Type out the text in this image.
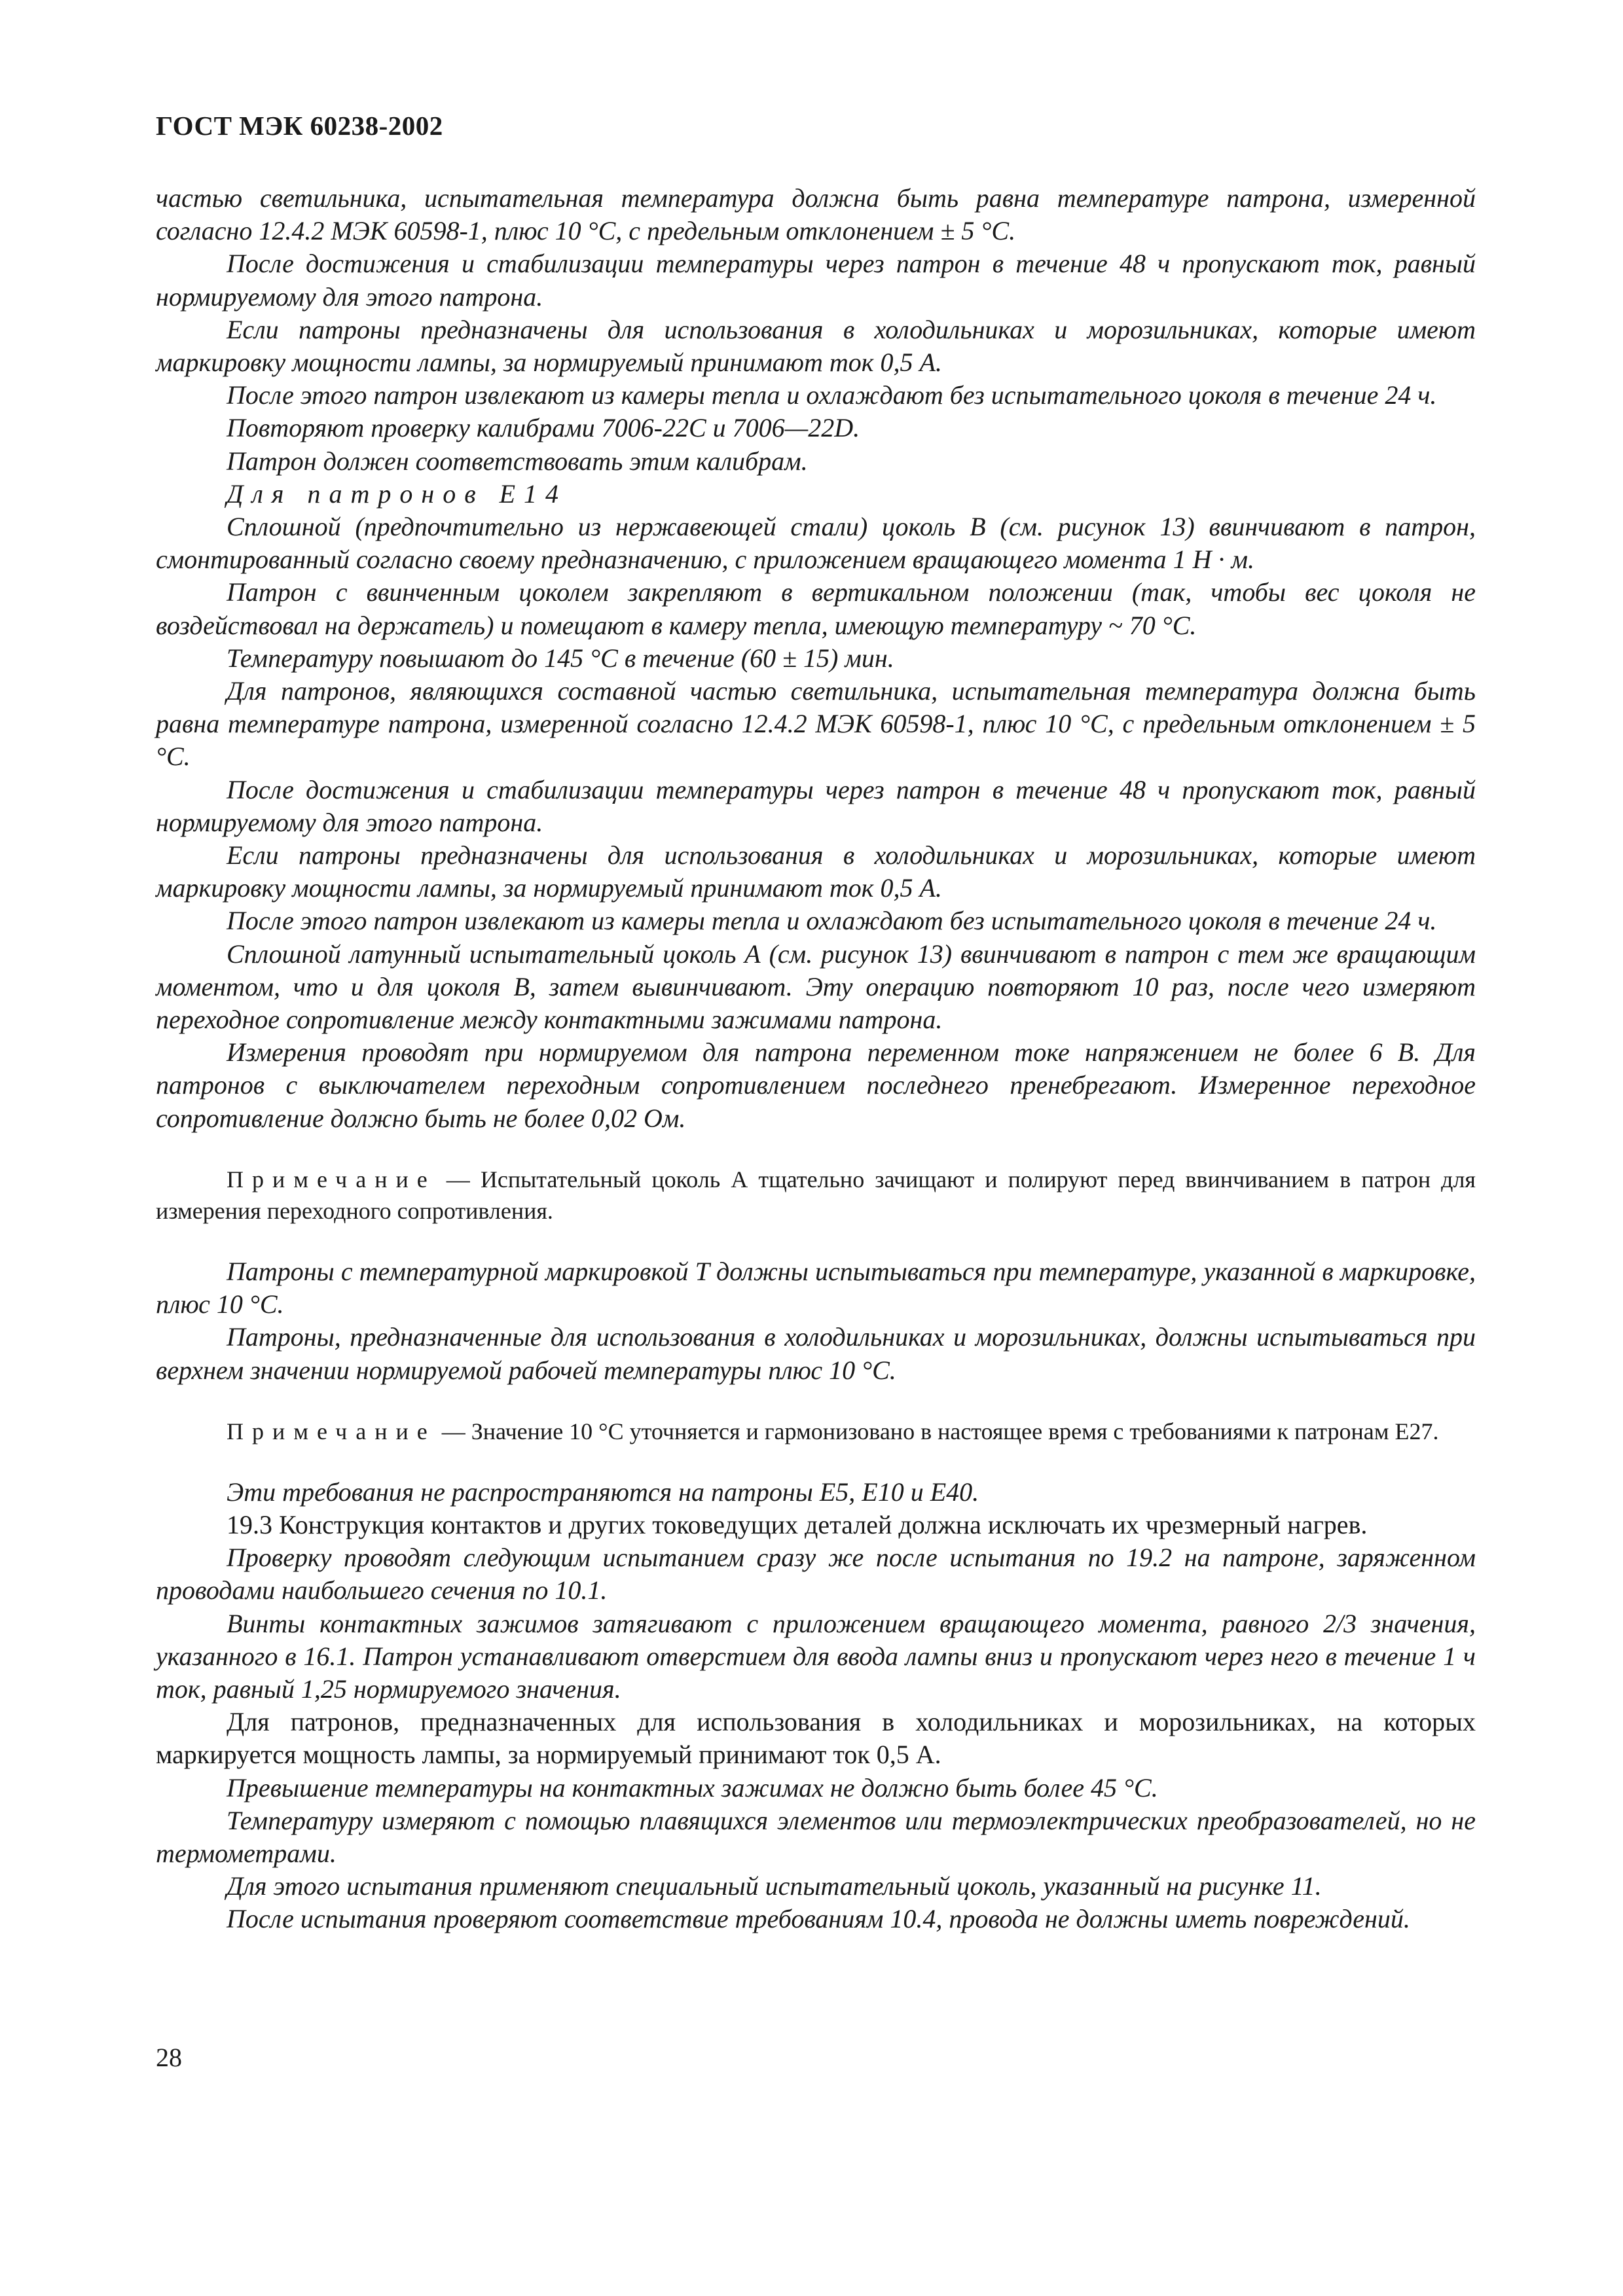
ГОСТ МЭК 60238-2002

частью светильника, испытательная температура должна быть равна температуре патрона, измеренной согласно 12.4.2 МЭК 60598-1, плюс 10 °С, с предельным отклонением ± 5 °С.

После достижения и стабилизации температуры через патрон в течение 48 ч пропускают ток, равный нормируемому для этого патрона.

Если патроны предназначены для использования в холодильниках и морозильниках, которые имеют маркировку мощности лампы, за нормируемый принимают ток 0,5 А.

После этого патрон извлекают из камеры тепла и охлаждают без испытательного цоколя в течение 24 ч.

Повторяют проверку калибрами 7006-22С и 7006—22D.

Патрон должен соответствовать этим калибрам.

Для патронов Е14

Сплошной (предпочтительно из нержавеющей стали) цоколь В (см. рисунок 13) ввинчивают в патрон, смонтированный согласно своему предназначению, с приложением вращающего момента 1 Н · м.

Патрон с ввинченным цоколем закрепляют в вертикальном положении (так, чтобы вес цоколя не воздействовал на держатель) и помещают в камеру тепла, имеющую температуру ~ 70 °С.

Температуру повышают до 145 °С в течение (60 ± 15) мин.

Для патронов, являющихся составной частью светильника, испытательная температура должна быть равна температуре патрона, измеренной согласно 12.4.2 МЭК 60598-1, плюс 10 °С, с предельным отклонением ± 5 °С.

После достижения и стабилизации температуры через патрон в течение 48 ч пропускают ток, равный нормируемому для этого патрона.

Если патроны предназначены для использования в холодильниках и морозильниках, которые имеют маркировку мощности лампы, за нормируемый принимают ток 0,5 А.

После этого патрон извлекают из камеры тепла и охлаждают без испытательного цоколя в течение 24 ч.

Сплошной латунный испытательный цоколь А (см. рисунок 13) ввинчивают в патрон с тем же вращающим моментом, что и для цоколя В, затем вывинчивают. Эту операцию повторяют 10 раз, после чего измеряют переходное сопротивление между контактными зажимами патрона.

Измерения проводят при нормируемом для патрона переменном токе напряжением не более 6 В. Для патронов с выключателем переходным сопротивлением последнего пренебрегают. Измеренное переходное сопротивление должно быть не более 0,02 Ом.

Примечание — Испытательный цоколь А тщательно зачищают и полируют перед ввинчиванием в патрон для измерения переходного сопротивления.

Патроны с температурной маркировкой Т должны испытываться при температуре, указанной в маркировке, плюс 10 °С.

Патроны, предназначенные для использования в холодильниках и морозильниках, должны испытываться при верхнем значении нормируемой рабочей температуры плюс 10 °С.

Примечание — Значение 10 °С уточняется и гармонизовано в настоящее время с требованиями к патронам Е27.

Эти требования не распространяются на патроны Е5, Е10 и Е40.

19.3 Конструкция контактов и других токоведущих деталей должна исключать их чрезмерный нагрев.

Проверку проводят следующим испытанием сразу же после испытания по 19.2 на патроне, заряженном проводами наибольшего сечения по 10.1.

Винты контактных зажимов затягивают с приложением вращающего момента, равного 2/3 значения, указанного в 16.1. Патрон устанавливают отверстием для ввода лампы вниз и пропускают через него в течение 1 ч ток, равный 1,25 нормируемого значения.

Для патронов, предназначенных для использования в холодильниках и морозильниках, на которых маркируется мощность лампы, за нормируемый принимают ток 0,5 А.

Превышение температуры на контактных зажимах не должно быть более 45 °С.

Температуру измеряют с помощью плавящихся элементов или термоэлектрических преобразователей, но не термометрами.

Для этого испытания применяют специальный испытательный цоколь, указанный на рисунке 11.

После испытания проверяют соответствие требованиям 10.4, провода не должны иметь повреждений.

28
